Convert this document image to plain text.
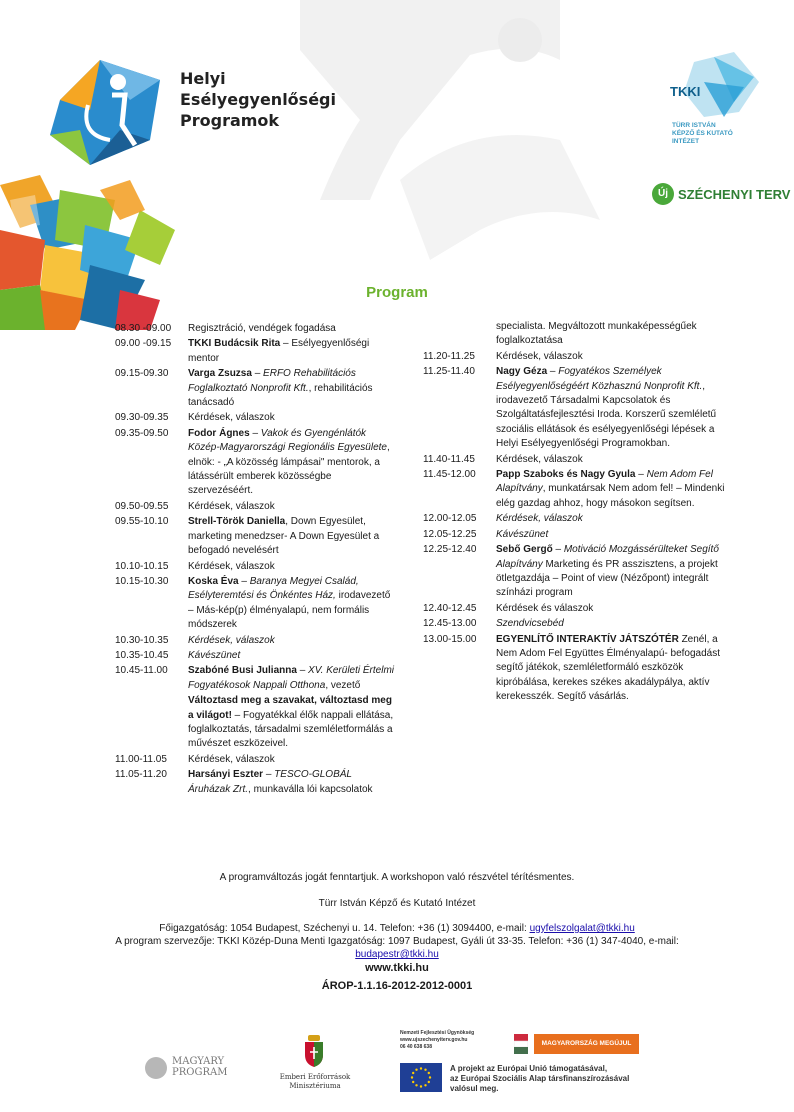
Helyi
Esélyegyenlőségi
Programok
TKKI
TÜRR ISTVÁN
KÉPZŐ ÉS KUTATÓ
INTÉZET
Új SZÉCHENYI TERV
Program
08.30 -09.00	Regisztráció, vendégek fogadása
09.00 -09.15	TKKI Budácsik Rita – Esélyegyenlőségi mentor
09.15-09.30	Varga Zsuzsa – ERFO Rehabilitációs Foglalkoztató Nonprofit Kft., rehabilitációs tanácsadó
09.30-09.35	Kérdések, válaszok
09.35-09.50	Fodor Ágnes – Vakok és Gyengénlátók Közép-Magyarországi Regionális Egyesülete, elnök: - „A közösség lámpásai" mentorok, a látássérült emberek közösségbe szervezéséért.
09.50-09.55	Kérdések, válaszok
09.55-10.10	Strell-Török Daniella, Down Egyesület, marketing menedzser- A Down Egyesület a befogadó nevelésért
10.10-10.15	Kérdések, válaszok
10.15-10.30	Koska Éva – Baranya Megyei Család, Esélyteremtési és Önkéntes Ház, irodavezető – Más-kép(p) élményalapú, nem formális módszerek
10.30-10.35	Kérdések, válaszok
10.35-10.45	Kávészünet
10.45-11.00	Szabóné Busi Julianna – XV. Kerületi Értelmi Fogyatékosok Nappali Otthona, vezető
Változtasd meg a szavakat, változtasd meg a világot! – Fogyatékkal élők nappali ellátása, foglalkoztatás, társadalmi szemléletformálás a művészet eszközeivel.
11.00-11.05	Kérdések, válaszok
11.05-11.20	Harsányi Eszter – TESCO-GLOBÁL Áruházak Zrt., munkaválla lói kapcsolatok
specialista. Megváltozott munkaképességűek foglalkoztatása
11.20-11.25	Kérdések, válaszok
11.25-11.40	Nagy Géza – Fogyatékos Személyek Esélyegyenlőségéért Közhasznú Nonprofit Kft., irodavezető Társadalmi Kapcsolatok és Szolgáltatásfejlesztési Iroda. Korszerű szemléletű szociális ellátások és esélyegyenlőségi lépések a Helyi Esélyegyenlőségi Programokban.
11.40-11.45	Kérdések, válaszok
11.45-12.00	Papp Szaboks és Nagy Gyula – Nem Adom Fel Alapítvány, munkatársak Nem adom fel! – Mindenki elég gazdag ahhoz, hogy másokon segítsen.
12.00-12.05	Kérdések, válaszok
12.05-12.25	Kávészünet
12.25-12.40	Sebő Gergő – Motiváció Mozgássérülteket Segítő Alapítvány Marketing és PR asszisztens, a projekt ötletgazdája – Point of view (Nézőpont) integrált színházi program
12.40-12.45	Kérdések és válaszok
12.45-13.00	Szendvicsebéd
13.00-15.00	EGYENLÍTŐ INTERAKTÍV JÁTSZÓTÉR Zenél, a Nem Adom Fel Együttes Élményalapú- befogadást segítő játékok, szemléletformáló eszközök kipróbálása, kerekes székes akadálypálya, aktív kerekesszék. Segítő vásárlás.
A programváltozás jogát fenntartjuk. A workshopon való részvétel térítésmentes.
Türr István Képző és Kutató Intézet
Főigazgatóság: 1054 Budapest, Széchenyi u. 14. Telefon: +36 (1) 3094400, e-mail: ugyfelszolgalat@tkki.hu
A program szervezője: TKKI Közép-Duna Menti Igazgatóság: 1097 Budapest, Gyáli út 33-35. Telefon: +36 (1) 347-4040, e-mail:
budapestr@tkki.hu
www.tkki.hu
ÁROP-1.1.16-2012-2012-0001
MAGYARY
PROGRAM	Emberi Erőforrások
Minisztériuma
Nemzeti Fejlesztési Ügynökség
www.ujszechenyiterv.gov.hu
06 40 638 638	MAGYARORSZÁG MEGÚJUL
A projekt az Európai Unió támogatásával,
az Európai Szociális Alap társfinanszírozásával
valósul meg.
